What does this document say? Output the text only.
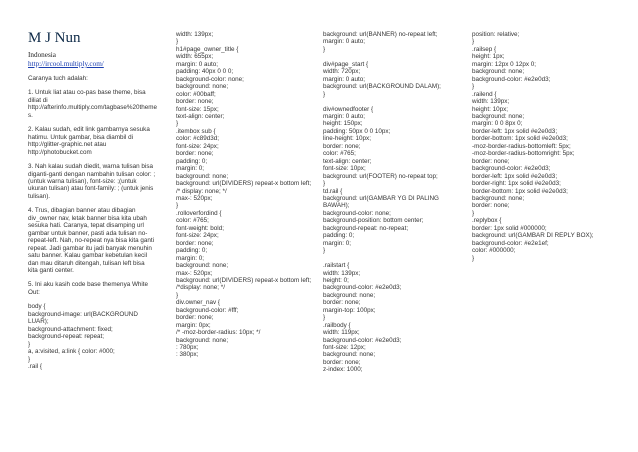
M J Nun
Indonesia
http://ircool.multiply.com/

Caranya tuch adalah:

1. Untuk liat atau co-pas base theme, bisa diliat di http://afterinfo.multiply.com/tagbase%20theme s.

2. Kalau sudah, edit link gambarnya sesuka hatimu. Untuk gambar, bisa diambil di http://glitter-graphic.net atau http://photobucket.com

3. Nah kalau sudah diedit, warna tulisan bisa diganti-ganti dengan nambahin tulisan color: ; (untuk warna tulisan), font-size: ;(untuk ukuran tulisan) atau font-family: ; (untuk jenis tulisan).

4. Trus, dibagian banner atau dibagian div_owner nav, letak banner bisa kita ubah sesuka hati. Caranya, tepat disamping url gambar untuk banner, pasti ada tulisan no-repeat-left. Nah, no-repeat nya bisa kita ganti repeat. Jadi gambar itu jadi banyak menuhin satu banner. Kalau gambar kebetulan kecil dan mau ditaruh ditengah, tulisan left bisa kita ganti center.

5. Ini aku kasih code base themenya White Out:

body {
background-image: url(BACKGROUND LUAR);
background-attachment: fixed;
background-repeat: repeat;
}
a, a:visited, a:link { color: #000;
}
.rail {
width: 139px;
}
h1#page_owner_title {
width: 655px;
margin: 0 auto;
padding: 40px 0 0 0;
background-color: none;
background: none;
color: #00baff;
border: none;
font-size: 15px;
text-align: center;
}
.itembox sub {
color: #c89d3d;
font-size: 24px;
border: none;
padding: 0;
margin: 0;
background: none;
background: url(DIVIDERS) repeat-x bottom left;
/* display: none; */
max-: 520px;
}
.rolloverfordind {
color: #765;
font-weight: bold;
font-size: 24px;
border: none;
padding: 0;
margin: 0;
background: none;
max-: 520px;
background: url(DIVIDERS) repeat-x bottom left;
/*display: none; */
}
div.owner_nav {
background-color: #fff;
border: none;
margin: 0px;
/* -moz-border-radius: 10px; */
background: none;
: 780px;
: 380px;
background: url(BANNER) no-repeat left;
margin: 0 auto;
}

div#page_start {
width: 720px;
margin: 0 auto;
background: url(BACKGROUND DALAM);
}

div#ownedfooter {
margin: 0 auto;
height: 150px;
padding: 50px 0 0 10px;
line-height: 10px;
border: none;
color: #765;
text-align: center;
font-size: 10px;
background: url(FOOTER) no-repeat top;
}
td.rail {
background: url(GAMBAR YG DI PALING BAWAH);
background-color: none;
background-position: bottom center;
background-repeat: no-repeat;
padding: 0;
margin: 0;
}

.railstart {
width: 139px;
height: 0;
background-color: #e2e0d3;
background: none;
border: none;
margin-top: 100px;
}
.railbody {
width: 119px;
background-color: #e2e0d3;
font-size: 12px;
background: none;
border: none;
z-index: 1000;
position: relative;
}
.railsep {
height: 1px;
margin: 12px 0 12px 0;
background: none;
background-color: #e2e0d3;
}
.railend {
width: 139px;
height: 10px;
background: none;
margin: 0 0 8px 0;
border-left: 1px solid #e2e0d3;
border-bottom: 1px solid #e2e0d3;
-moz-border-radius-bottomleft: 5px;
-moz-border-radius-bottomright: 5px;
border: none;
background-color: #e2e0d3;
border-left: 1px solid #e2e0d3;
border-right: 1px solid #e2e0d3;
border-bottom: 1px solid #e2e0d3;
background: none;
border: none;
}
.replybox {
border: 1px solid #000000;
background: url(GAMBAR DI REPLY BOX);
background-color: #e2e1ef;
color: #000000;
}
